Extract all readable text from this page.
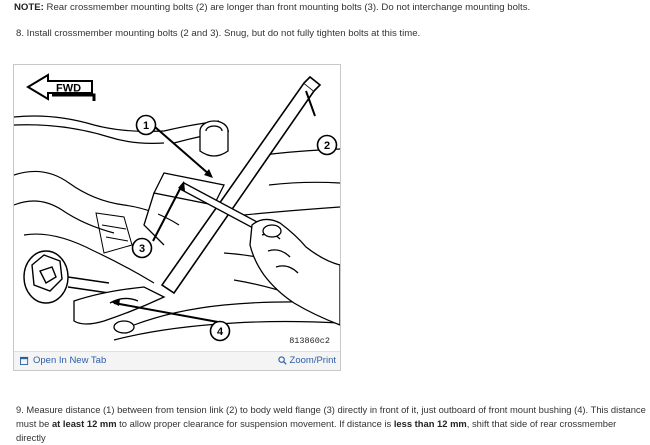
NOTE: Rear crossmember mounting bolts (2) are longer than front mounting bolts (3). Do not interchange mounting bolts.
8. Install crossmember mounting bolts (2 and 3). Snug, but do not fully tighten bolts at this time.
FWD
1
2
3
4
813860c2
Open In New Tab	Zoom/Print
9. Measure distance (1) between from tension link (2) to body weld flange (3) directly in front of it, just outboard of front mount bushing (4). This distance must be at least 12 mm to allow proper clearance for suspension movement. If distance is less than 12 mm, shift that side of rear crossmember directly
